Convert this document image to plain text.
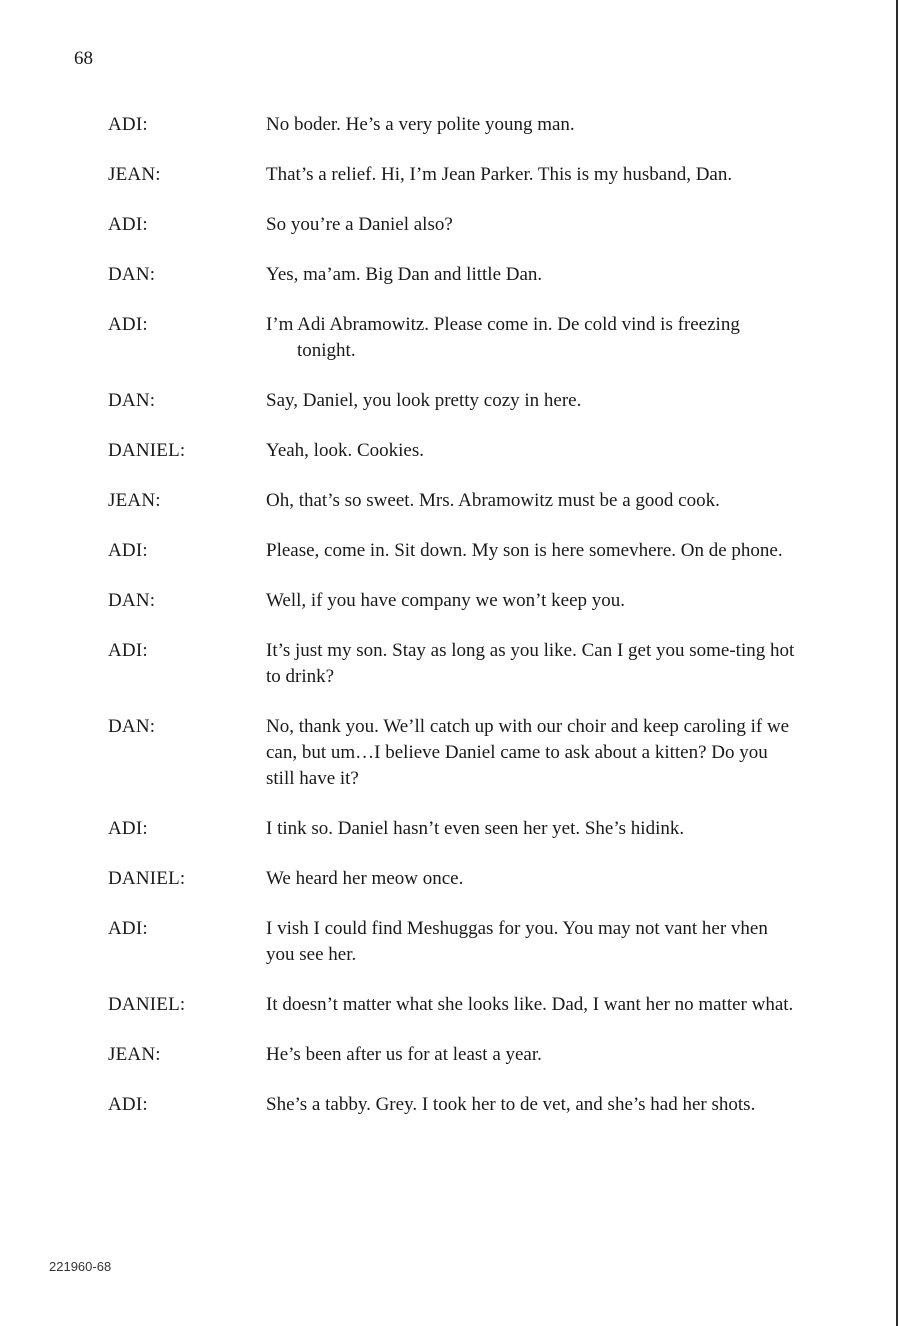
68
ADI:	No boder. He’s a very polite young man.
JEAN:	That’s a relief. Hi, I’m Jean Parker. This is my husband, Dan.
ADI:	So you’re a Daniel also?
DAN:	Yes, ma’am. Big Dan and little Dan.
ADI:	I’m Adi Abramowitz. Please come in. De cold vind is freezing tonight.
DAN:	Say, Daniel, you look pretty cozy in here.
DANIEL:	Yeah, look. Cookies.
JEAN:	Oh, that’s so sweet. Mrs. Abramowitz must be a good cook.
ADI:	Please, come in. Sit down. My son is here somevhere. On de phone.
DAN:	Well, if you have company we won’t keep you.
ADI:	It’s just my son. Stay as long as you like. Can I get you some-ting hot to drink?
DAN:	No, thank you. We’ll catch up with our choir and keep caroling if we can, but um…I believe Daniel came to ask about a kitten? Do you still have it?
ADI:	I tink so. Daniel hasn’t even seen her yet. She’s hidink.
DANIEL:	We heard her meow once.
ADI:	I vish I could find Meshuggas for you. You may not vant her vhen you see her.
DANIEL:	It doesn’t matter what she looks like. Dad, I want her no matter what.
JEAN:	He’s been after us for at least a year.
ADI:	She’s a tabby. Grey. I took her to de vet, and she’s had her shots.
221960-68
